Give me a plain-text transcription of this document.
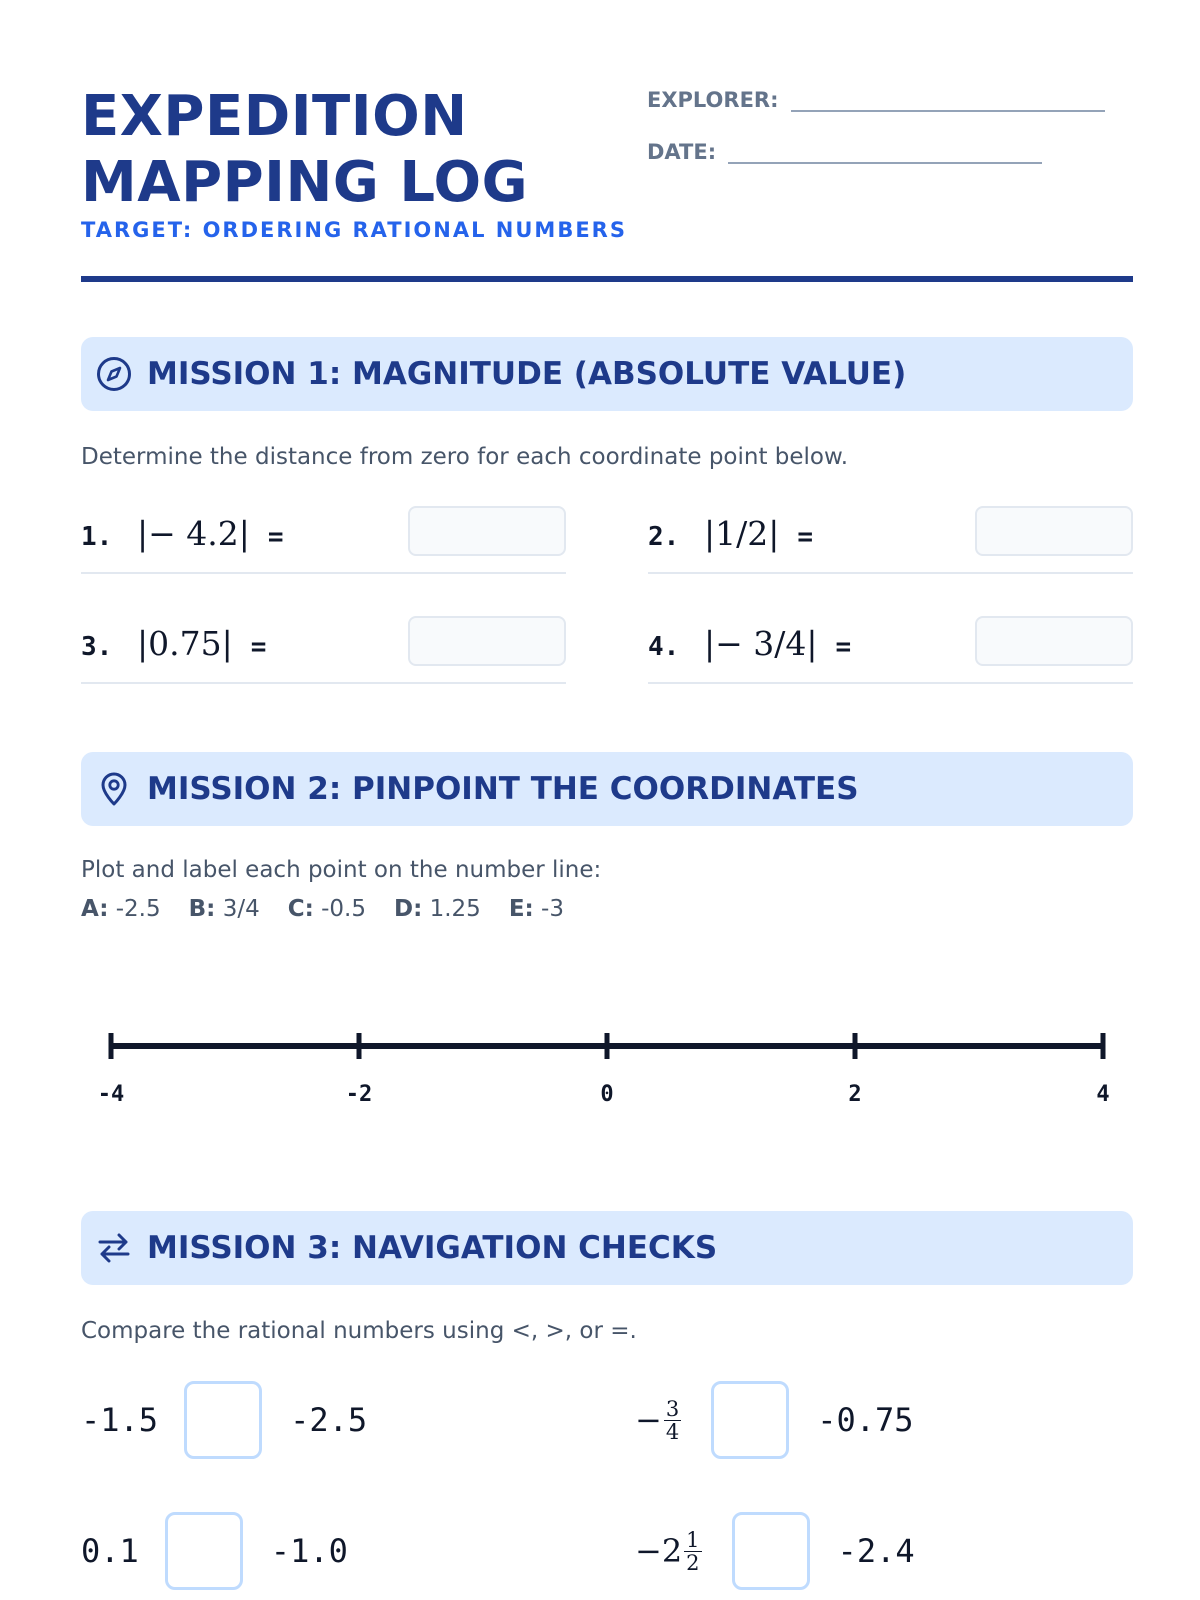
EXPEDITION
MAPPING LOG
TARGET: ORDERING RATIONAL NUMBERS
EXPLORER:
DATE:
MISSION 1: MAGNITUDE (ABSOLUTE VALUE)
Determine the distance from zero for each coordinate point below.
1. |− 4.2| =	2. |1/2| =
3. |0.75| =	4. |− 3/4| =
MISSION 2: PINPOINT THE COORDINATES
Plot and label each point on the number line:
A: -2.5 B: 3/4 C: -0.5 D: 1.25 E: -3
-4	-2	0	2	4
MISSION 3: NAVIGATION CHECKS
Compare the rational numbers using <, >, or =.
-1.5	-2.5	− $\frac{3}{4}$	-0.75
0.1	-1.0	− $2 \frac{1}{2}$	-2.4
